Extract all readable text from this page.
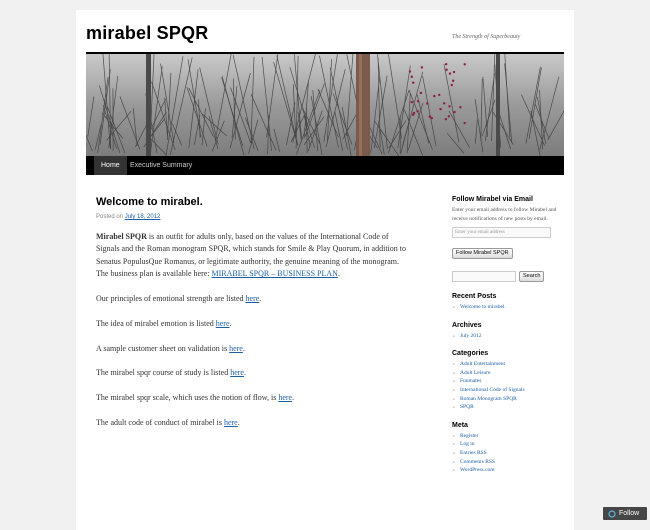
mirabel SPQR	The Strength of Superbeauty
Home	Executive Summary
Welcome to mirabel.
Posted on July 18, 2012

Mirabel SPQR is an outfit for adults only, based on the values of the International Code of Signals and the Roman monogram SPQR, which stands for Smile & Play Quorum, in addition to Senatus PopulusQue Romanus, or legitimate authority, the genuine meaning of the monogram. The business plan is available here: MIRABEL SPQR – BUSINESS PLAN.

Our principles of emotional strength are listed here.

The idea of mirabel emotion is listed here.

A sample customer sheet on validation is here.

The mirabel spqr course of study is listed here.

The mirabel spqr scale, which uses the notion of flow, is here.

The adult code of conduct of mirabel is here.

Follow Mirabel via Email

Enter your email address to follow Mirabel and receive notifications of new posts by email.

Enter your email address
Follow Mirabel SPQR
Search
Recent Posts
■ Welcome to mirabel.
Archives
■ July 2012
Categories
■ Adult Entertainment
■ Adult Leisure
■ Funmates
■ International Code of Signals
■ Roman Monogram SPQR
■ SPQR
Meta
■ Register
■ Log in
■ Entries RSS
■ Comments RSS
■ WordPress.com
Follow
